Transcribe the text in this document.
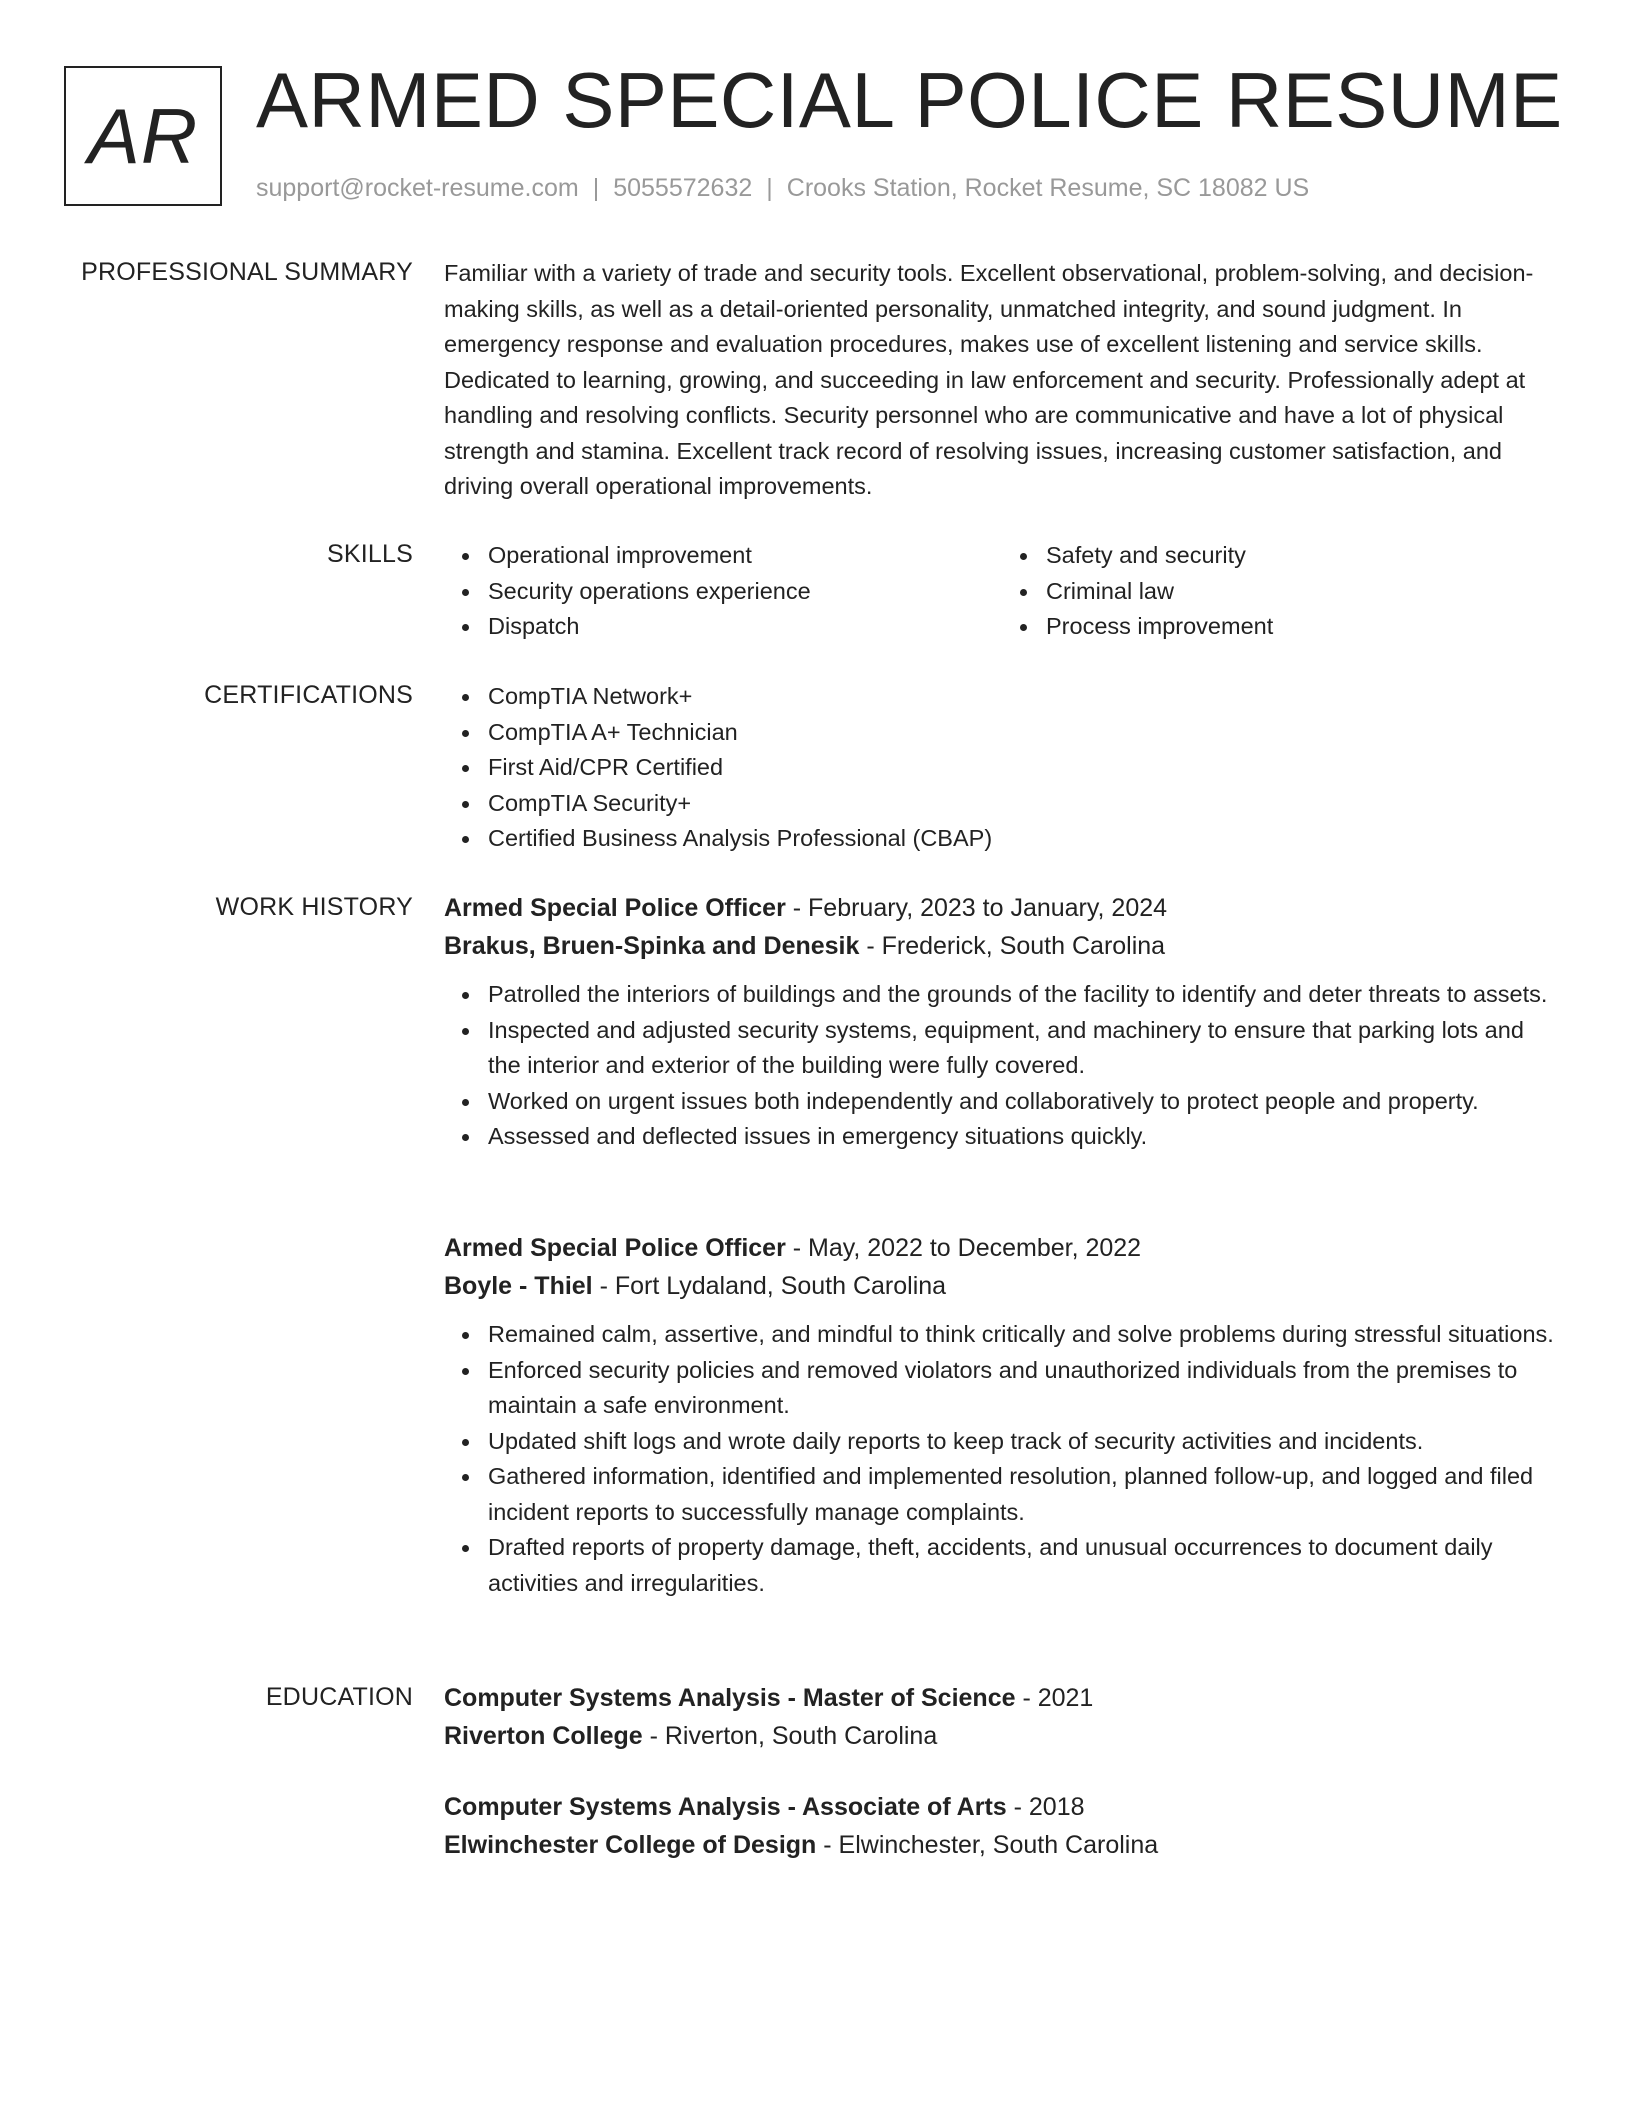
AR ARMED SPECIAL POLICE RESUME
support@rocket-resume.com | 5055572632 | Crooks Station, Rocket Resume, SC 18082 US
PROFESSIONAL SUMMARY Familiar with a variety of trade and security tools. Excellent observational, problem-solving, and decision-making skills, as well as a detail-oriented personality, unmatched integrity, and sound judgment. In emergency response and evaluation procedures, makes use of excellent listening and service skills. Dedicated to learning, growing, and succeeding in law enforcement and security. Professionally adept at handling and resolving conflicts. Security personnel who are communicative and have a lot of physical strength and stamina. Excellent track record of resolving issues, increasing customer satisfaction, and driving overall operational improvements.

SKILLS	Operational improvement
Security operations experience
Dispatch
Safety and security
Criminal law
Process improvement
CERTIFICATIONS	CompTIA Network+
CompTIA A+ Technician
First Aid/CPR Certified
CompTIA Security+
Certified Business Analysis Professional (CBAP)
WORK HISTORY Armed Special Police Officer - February, 2023 to January, 2024
Brakus, Bruen-Spinka and Denesik - Frederick, South Carolina
Patrolled the interiors of buildings and the grounds of the facility to identify and deter threats to assets.
Inspected and adjusted security systems, equipment, and machinery to ensure that parking lots and the interior and exterior of the building were fully covered.
Worked on urgent issues both independently and collaboratively to protect people and property.
Assessed and deflected issues in emergency situations quickly.
Armed Special Police Officer - May, 2022 to December, 2022
Boyle - Thiel - Fort Lydaland, South Carolina
Remained calm, assertive, and mindful to think critically and solve problems during stressful situations.
Enforced security policies and removed violators and unauthorized individuals from the premises to maintain a safe environment.
Updated shift logs and wrote daily reports to keep track of security activities and incidents.
Gathered information, identified and implemented resolution, planned follow-up, and logged and filed incident reports to successfully manage complaints.
Drafted reports of property damage, theft, accidents, and unusual occurrences to document daily activities and irregularities.
EDUCATION Computer Systems Analysis - Master of Science - 2021
Riverton College - Riverton, South Carolina
Computer Systems Analysis - Associate of Arts - 2018
Elwinchester College of Design - Elwinchester, South Carolina
